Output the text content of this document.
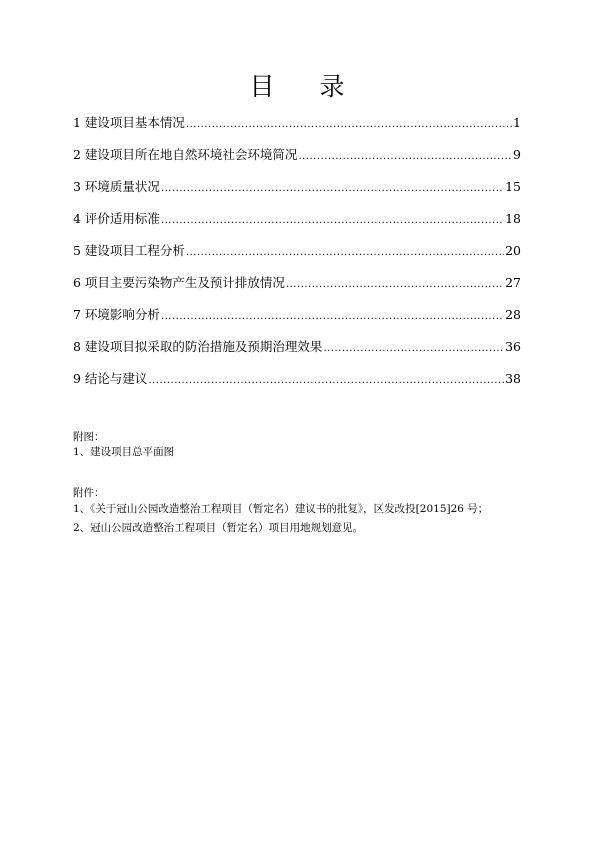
目 录
1 建设项目基本情况 .....	1
2 建设项目所在地自然环境社会环境简况 .....	9
3 环境质量状况 .....	15
4 评价适用标准 .....	18
5 建设项目工程分析 .....	20
6 项目主要污染物产生及预计排放情况 .....	27
7 环境影响分析 .....	28
8 建设项目拟采取的防治措施及预期治理效果 .....	36
9 结论与建议 .....	38
附图：
1、建设项目总平面图
附件：
1、《关于冠山公园改造整治工程项目（暂定名）建议书的批复》，区发改投[2015]26 号；
2、冠山公园改造整治工程项目（暂定名）项目用地规划意见。
